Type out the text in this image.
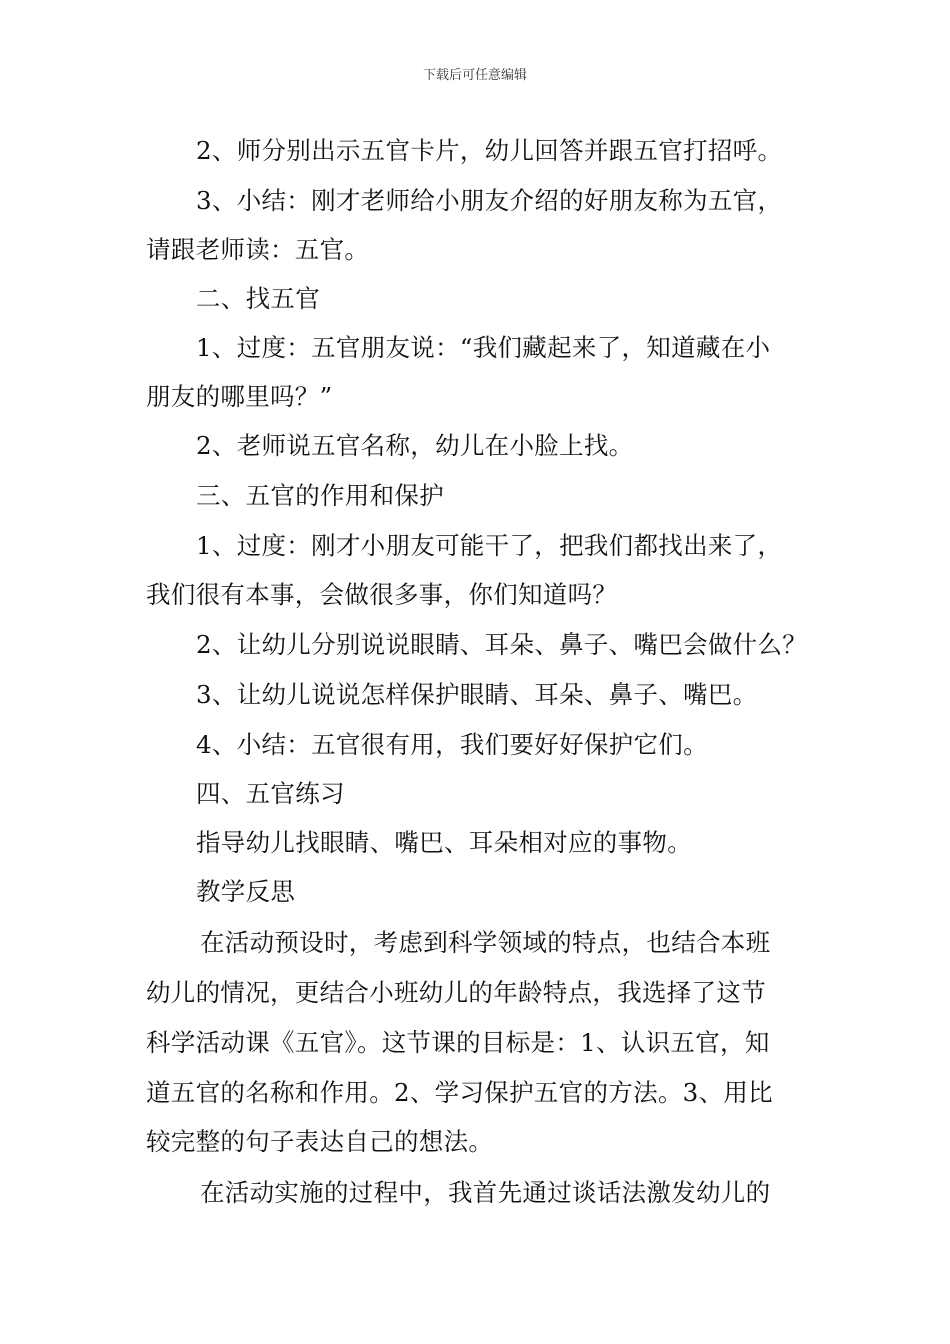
下载后可任意编辑
2、师分别出示五官卡片，幼儿回答并跟五官打招呼。
3、小结：刚才老师给小朋友介绍的好朋友称为五官，
请跟老师读：五官。
二、找五官
1、过度：五官朋友说：“我们藏起来了，知道藏在小
朋友的哪里吗？”
2、老师说五官名称，幼儿在小脸上找。
三、五官的作用和保护
1、过度：刚才小朋友可能干了，把我们都找出来了，
我们很有本事，会做很多事，你们知道吗？
2、让幼儿分别说说眼睛、耳朵、鼻子、嘴巴会做什么？
3、让幼儿说说怎样保护眼睛、耳朵、鼻子、嘴巴。
4、小结：五官很有用，我们要好好保护它们。
四、五官练习
指导幼儿找眼睛、嘴巴、耳朵相对应的事物。
教学反思
在活动预设时，考虑到科学领域的特点，也结合本班
幼儿的情况，更结合小班幼儿的年龄特点，我选择了这节
科学活动课《五官》。这节课的目标是：1、认识五官，知
道五官的名称和作用。2、学习保护五官的方法。3、用比
较完整的句子表达自己的想法。
在活动实施的过程中，我首先通过谈话法激发幼儿的
